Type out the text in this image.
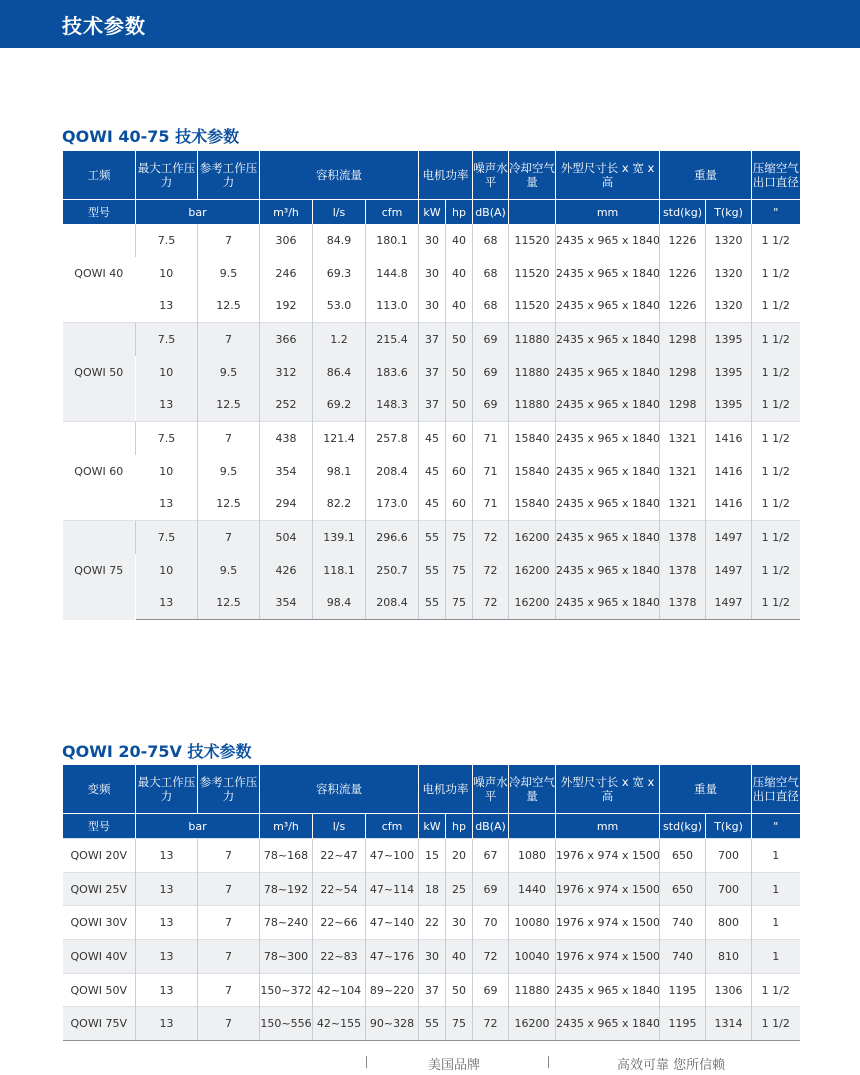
技术参数
QOWI 40-75 技术参数
工频	最大工作压力	参考工作压力	容积流量			电机功率		噪声水平	冷却空气量	外型尺寸长 x 宽 x 高	重量		压缩空气出口直径
型号	bar		m³/h	l/s	cfm	kW	hp	dB(A)		mm	std(kg)	T(kg)	"
QOWI 40	7.5	7	306	84.9	180.1	30	40	68	11520	2435 x 965 x 1840	1226	1320	1 1/2
	10	9.5	246	69.3	144.8	30	40	68	11520	2435 x 965 x 1840	1226	1320	1 1/2
	13	12.5	192	53.0	113.0	30	40	68	11520	2435 x 965 x 1840	1226	1320	1 1/2
QOWI 50	7.5	7	366	1.2	215.4	37	50	69	11880	2435 x 965 x 1840	1298	1395	1 1/2
	10	9.5	312	86.4	183.6	37	50	69	11880	2435 x 965 x 1840	1298	1395	1 1/2
	13	12.5	252	69.2	148.3	37	50	69	11880	2435 x 965 x 1840	1298	1395	1 1/2
QOWI 60	7.5	7	438	121.4	257.8	45	60	71	15840	2435 x 965 x 1840	1321	1416	1 1/2
	10	9.5	354	98.1	208.4	45	60	71	15840	2435 x 965 x 1840	1321	1416	1 1/2
	13	12.5	294	82.2	173.0	45	60	71	15840	2435 x 965 x 1840	1321	1416	1 1/2
QOWI 75	7.5	7	504	139.1	296.6	55	75	72	16200	2435 x 965 x 1840	1378	1497	1 1/2
	10	9.5	426	118.1	250.7	55	75	72	16200	2435 x 965 x 1840	1378	1497	1 1/2
	13	12.5	354	98.4	208.4	55	75	72	16200	2435 x 965 x 1840	1378	1497	1 1/2
QOWI 20-75V 技术参数
变频	最大工作压力	参考工作压力	容积流量			电机功率		噪声水平	冷却空气量	外型尺寸长 x 宽 x 高	重量		压缩空气出口直径
型号	bar		m³/h	l/s	cfm	kW	hp	dB(A)		mm	std(kg)	T(kg)	"
QOWI 20V	13	7	78~168	22~47	47~100	15	20	67	1080	1976 x 974 x 1500	650	700	1
QOWI 25V	13	7	78~192	22~54	47~114	18	25	69	1440	1976 x 974 x 1500	650	700	1
QOWI 30V	13	7	78~240	22~66	47~140	22	30	70	10080	1976 x 974 x 1500	740	800	1
QOWI 40V	13	7	78~300	22~83	47~176	30	40	72	10040	1976 x 974 x 1500	740	810	1
QOWI 50V	13	7	150~372	42~104	89~220	37	50	69	11880	2435 x 965 x 1840	1195	1306	1 1/2
QOWI 75V	13	7	150~556	42~155	90~328	55	75	72	16200	2435 x 965 x 1840	1195	1314	1 1/2
美国品牌	高效可靠 您所信赖
